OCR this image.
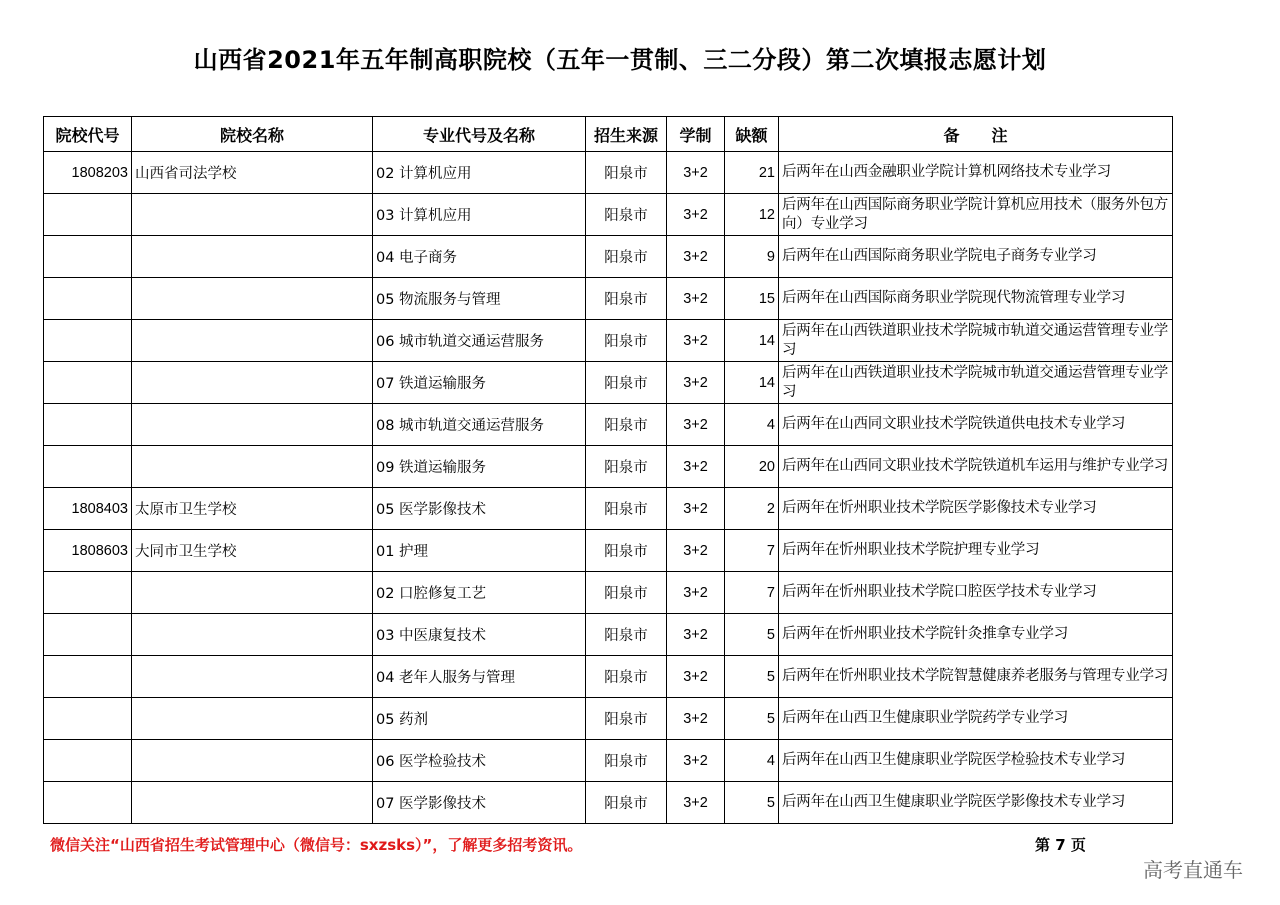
山西省2021年五年制高职院校（五年一贯制、三二分段）第二次填报志愿计划
院校代号	院校名称	专业代号及名称	招生来源	学制	缺额	备　　注
1808203	山西省司法学校	02 计算机应用	阳泉市	3+2	21	后两年在山西金融职业学院计算机网络技术专业学习
		03 计算机应用	阳泉市	3+2	12	后两年在山西国际商务职业学院计算机应用技术（服务外包方向）专业学习
		04 电子商务	阳泉市	3+2	9	后两年在山西国际商务职业学院电子商务专业学习
		05 物流服务与管理	阳泉市	3+2	15	后两年在山西国际商务职业学院现代物流管理专业学习
		06 城市轨道交通运营服务	阳泉市	3+2	14	后两年在山西铁道职业技术学院城市轨道交通运营管理专业学习
		07 铁道运输服务	阳泉市	3+2	14	后两年在山西铁道职业技术学院城市轨道交通运营管理专业学习
		08 城市轨道交通运营服务	阳泉市	3+2	4	后两年在山西同文职业技术学院铁道供电技术专业学习
		09 铁道运输服务	阳泉市	3+2	20	后两年在山西同文职业技术学院铁道机车运用与维护专业学习
1808403	太原市卫生学校	05 医学影像技术	阳泉市	3+2	2	后两年在忻州职业技术学院医学影像技术专业学习
1808603	大同市卫生学校	01 护理	阳泉市	3+2	7	后两年在忻州职业技术学院护理专业学习
		02 口腔修复工艺	阳泉市	3+2	7	后两年在忻州职业技术学院口腔医学技术专业学习
		03 中医康复技术	阳泉市	3+2	5	后两年在忻州职业技术学院针灸推拿专业学习
		04 老年人服务与管理	阳泉市	3+2	5	后两年在忻州职业技术学院智慧健康养老服务与管理专业学习
		05 药剂	阳泉市	3+2	5	后两年在山西卫生健康职业学院药学专业学习
		06 医学检验技术	阳泉市	3+2	4	后两年在山西卫生健康职业学院医学检验技术专业学习
		07 医学影像技术	阳泉市	3+2	5	后两年在山西卫生健康职业学院医学影像技术专业学习
微信关注“山西省招生考试管理中心（微信号：sxzsks）”，了解更多招考资讯。	第 7 页
高考直通车
